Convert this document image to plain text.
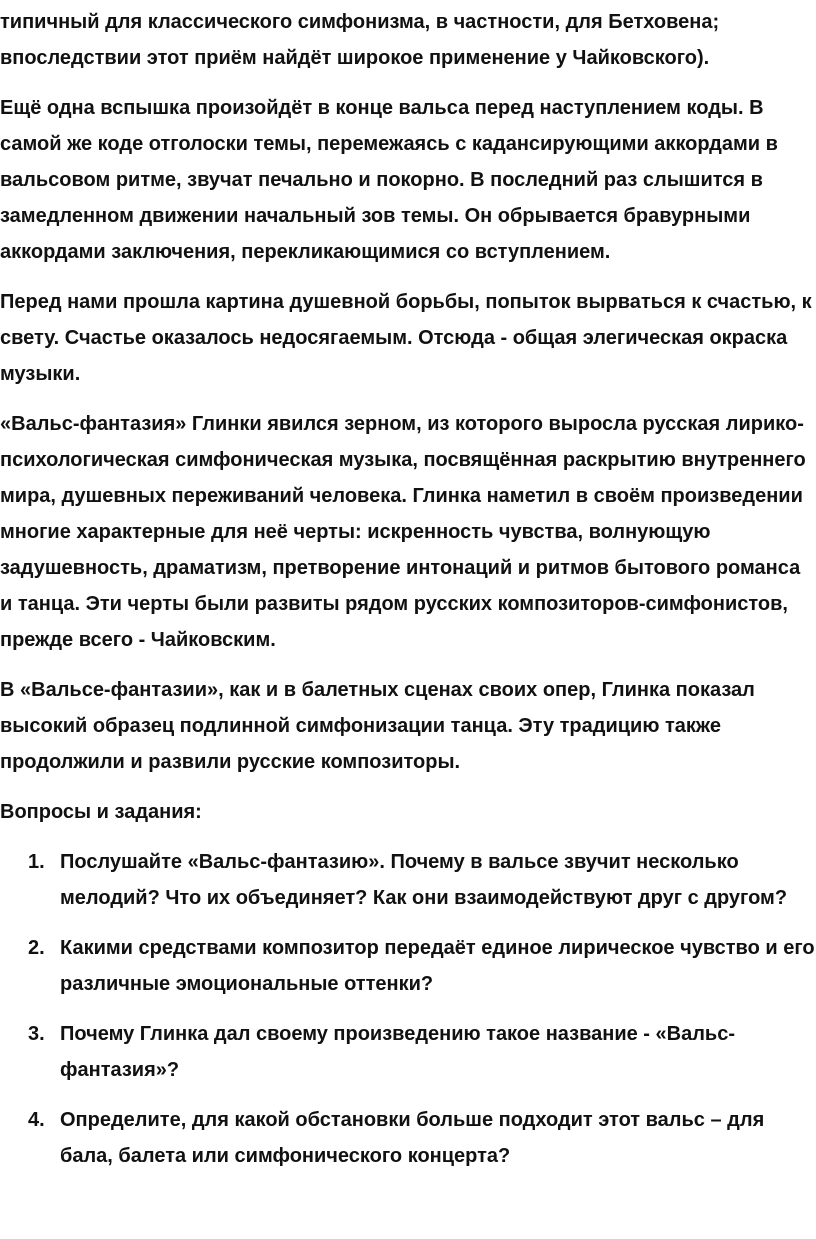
типичный для классического симфонизма, в частности, для Бетховена; впоследствии этот приём найдёт широкое применение у Чайковского).

Ещё одна вспышка произойдёт в конце вальса перед наступлением коды. В самой же коде отголоски темы, перемежаясь с кадансирующими аккордами в вальсовом ритме, звучат печально и покорно. В последний раз слышится в замедленном движении начальный зов темы. Он обрывается бравурными аккордами заключения, перекликающимися со вступлением.

Перед нами прошла картина душевной борьбы, попыток вырваться к счастью, к свету. Счастье оказалось недосягаемым. Отсюда - общая элегическая окраска музыки.

«Вальс-фантазия» Глинки явился зерном, из которого выросла русская лирико-психологическая симфоническая музыка, посвящённая раскрытию внутреннего мира, душевных переживаний человека. Глинка наметил в своём произведении многие характерные для неё черты: искренность чувства, волнующую задушевность, драматизм, претворение интонаций и ритмов бытового романса и танца. Эти черты были развиты рядом русских композиторов-симфонистов, прежде всего - Чайковским.

В «Вальсе-фантазии», как и в балетных сценах своих опер, Глинка показал высокий образец подлинной симфонизации танца. Эту традицию также продолжили и развили русские композиторы.

Вопросы и задания:

1. Послушайте «Вальс-фантазию». Почему в вальсе звучит несколько мелодий? Что их объединяет? Как они взаимодействуют друг с другом?
2. Какими средствами композитор передаёт единое лирическое чувство и его различные эмоциональные оттенки?
3. Почему Глинка дал своему произведению такое название - «Вальс-фантазия»?
4. Определите, для какой обстановки больше подходит этот вальс – для бала, балета или симфонического концерта?
